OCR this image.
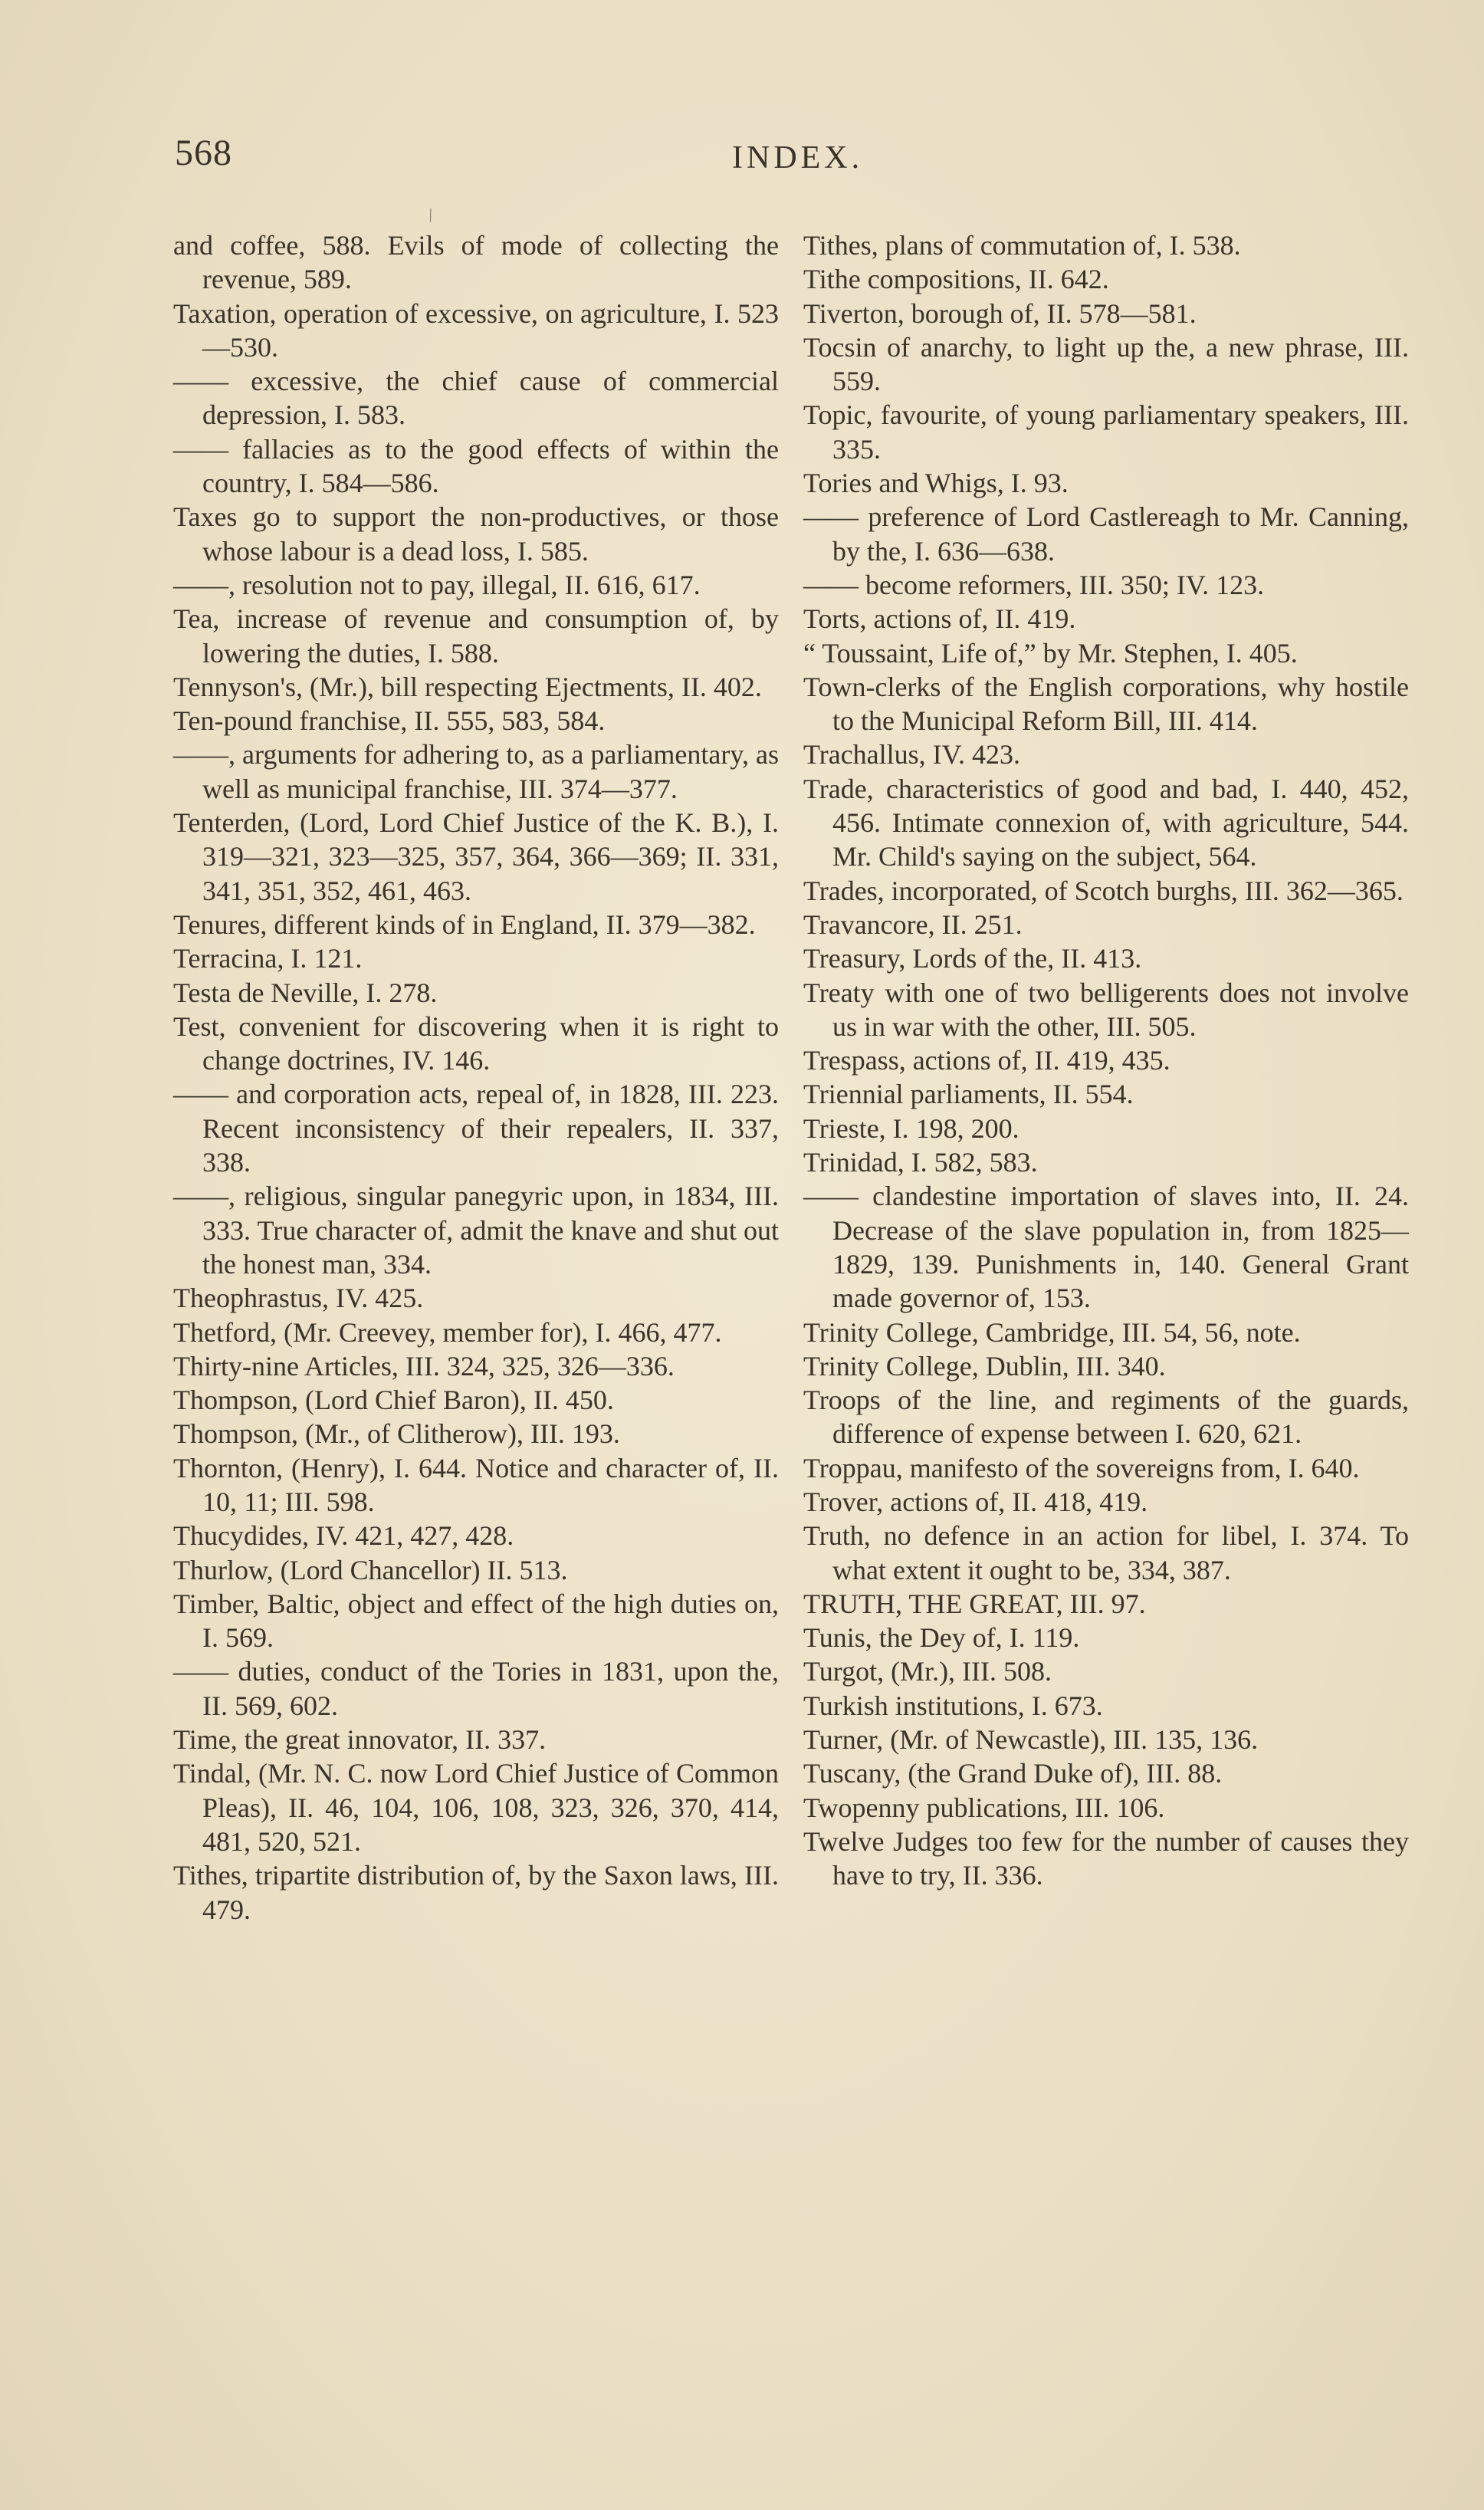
568	INDEX.
∕

and coffee, 588. Evils of mode of collecting the revenue, 589.

Taxation, operation of excessive, on agriculture, I. 523—530.

—— excessive, the chief cause of commercial depression, I. 583.

—— fallacies as to the good effects of within the country, I. 584—586.

Taxes go to support the non-productives, or those whose labour is a dead loss, I. 585.

——, resolution not to pay, illegal, II. 616, 617.

Tea, increase of revenue and consumption of, by lowering the duties, I. 588.

Tennyson's, (Mr.), bill respecting Ejectments, II. 402.

Ten-pound franchise, II. 555, 583, 584.

——, arguments for adhering to, as a parliamentary, as well as municipal franchise, III. 374—377.

Tenterden, (Lord, Lord Chief Justice of the K. B.), I. 319—321, 323—325, 357, 364, 366—369; II. 331, 341, 351, 352, 461, 463.

Tenures, different kinds of in England, II. 379—382.

Terracina, I. 121.

Testa de Neville, I. 278.

Test, convenient for discovering when it is right to change doctrines, IV. 146.

—— and corporation acts, repeal of, in 1828, III. 223. Recent inconsistency of their repealers, II. 337, 338.

——, religious, singular panegyric upon, in 1834, III. 333. True character of, admit the knave and shut out the honest man, 334.

Theophrastus, IV. 425.

Thetford, (Mr. Creevey, member for), I. 466, 477.

Thirty-nine Articles, III. 324, 325, 326—336.

Thompson, (Lord Chief Baron), II. 450.

Thompson, (Mr., of Clitherow), III. 193.

Thornton, (Henry), I. 644. Notice and character of, II. 10, 11; III. 598.

Thucydides, IV. 421, 427, 428.

Thurlow, (Lord Chancellor) II. 513.

Timber, Baltic, object and effect of the high duties on, I. 569.

—— duties, conduct of the Tories in 1831, upon the, II. 569, 602.

Time, the great innovator, II. 337.

Tindal, (Mr. N. C. now Lord Chief Justice of Common Pleas), II. 46, 104, 106, 108, 323, 326, 370, 414, 481, 520, 521.

Tithes, tripartite distribution of, by the Saxon laws, III. 479.

Tithes, plans of commutation of, I. 538.

Tithe compositions, II. 642.

Tiverton, borough of, II. 578—581.

Tocsin of anarchy, to light up the, a new phrase, III. 559.

Topic, favourite, of young parliamentary speakers, III. 335.

Tories and Whigs, I. 93.

—— preference of Lord Castlereagh to Mr. Canning, by the, I. 636—638.

—— become reformers, III. 350; IV. 123.

Torts, actions of, II. 419.

“ Toussaint, Life of,” by Mr. Stephen, I. 405.

Town-clerks of the English corporations, why hostile to the Municipal Reform Bill, III. 414.

Trachallus, IV. 423.

Trade, characteristics of good and bad, I. 440, 452, 456. Intimate connexion of, with agriculture, 544. Mr. Child's saying on the subject, 564.

Trades, incorporated, of Scotch burghs, III. 362—365.

Travancore, II. 251.

Treasury, Lords of the, II. 413.

Treaty with one of two belligerents does not involve us in war with the other, III. 505.

Trespass, actions of, II. 419, 435.

Triennial parliaments, II. 554.

Trieste, I. 198, 200.

Trinidad, I. 582, 583.

—— clandestine importation of slaves into, II. 24. Decrease of the slave population in, from 1825—1829, 139. Punishments in, 140. General Grant made governor of, 153.

Trinity College, Cambridge, III. 54, 56, note.

Trinity College, Dublin, III. 340.

Troops of the line, and regiments of the guards, difference of expense between I. 620, 621.

Troppau, manifesto of the sovereigns from, I. 640.

Trover, actions of, II. 418, 419.

Truth, no defence in an action for libel, I. 374. To what extent it ought to be, 334, 387.

TRUTH, THE GREAT, III. 97.

Tunis, the Dey of, I. 119.

Turgot, (Mr.), III. 508.

Turkish institutions, I. 673.

Turner, (Mr. of Newcastle), III. 135, 136.

Tuscany, (the Grand Duke of), III. 88.

Twopenny publications, III. 106.

Twelve Judges too few for the number of causes they have to try, II. 336.
